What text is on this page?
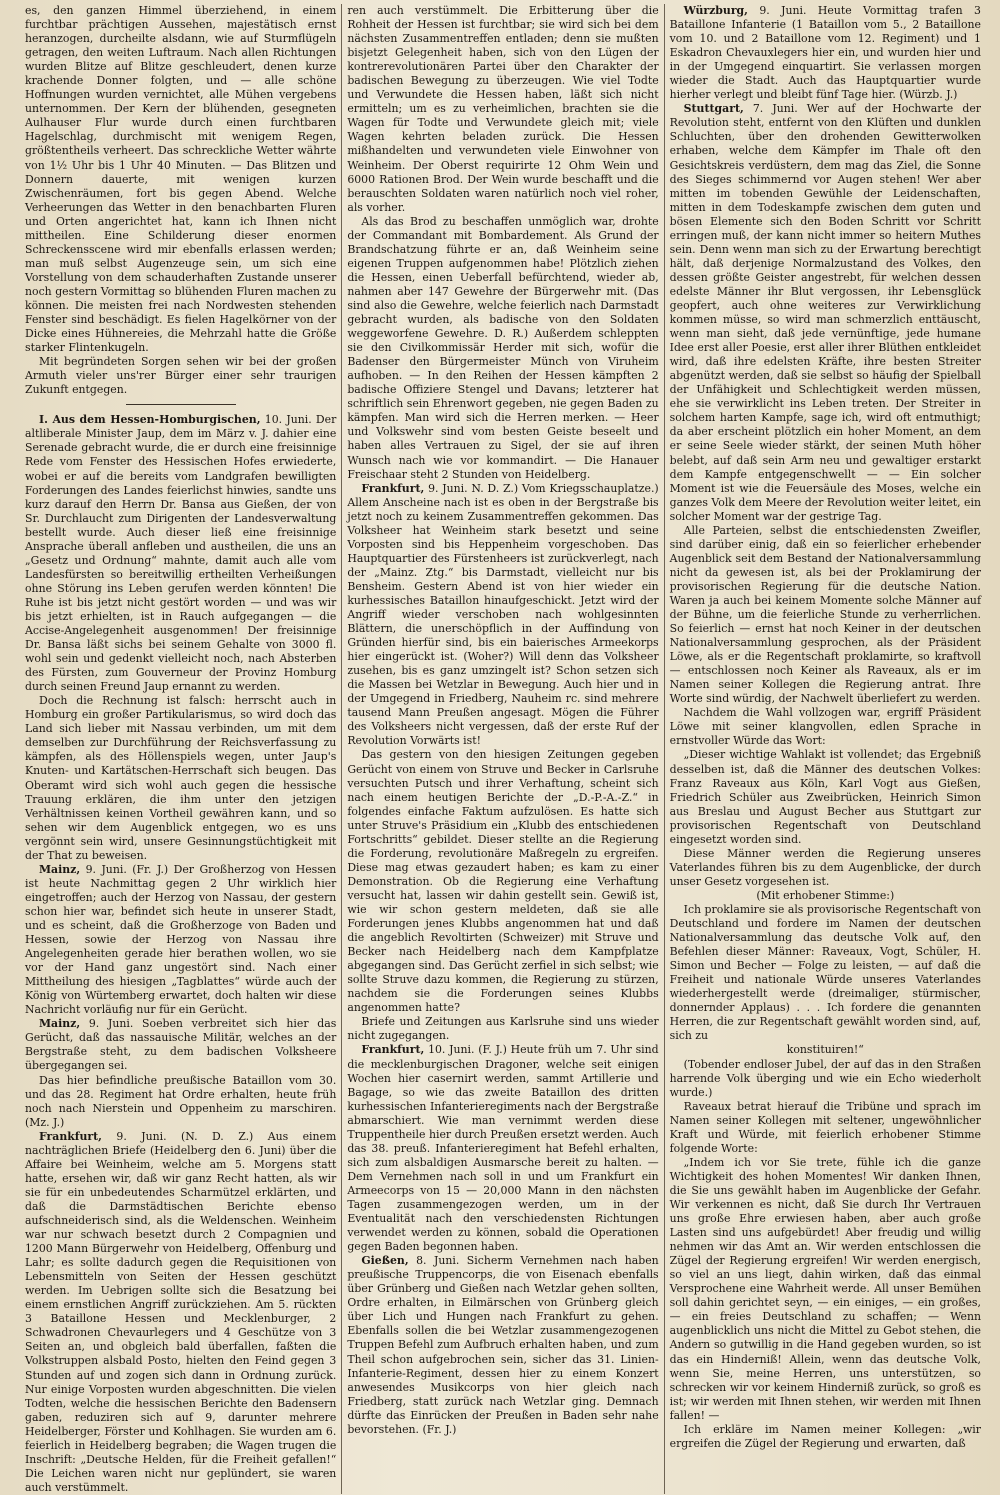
es, den ganzen Himmel überziehend, in einem furchtbar prächtigen Aussehen, majestätisch ernst heranzogen, durcheilte alsdann, wie auf Sturmflügeln getragen, den weiten Luftraum. Nach allen Richtungen wurden Blitze auf Blitze geschleudert, denen kurze krachende Donner folgten, und — alle schöne Hoffnungen wurden vernichtet, alle Mühen vergebens unternommen. Der Kern der blühenden, gesegneten Aulhauser Flur wurde durch einen furchtbaren Hagelschlag, durchmischt mit wenigem Regen, größtentheils verheert. Das schreckliche Wetter währte von 1½ Uhr bis 1 Uhr 40 Minuten. — Das Blitzen und Donnern dauerte, mit wenigen kurzen Zwischenräumen, fort bis gegen Abend. Welche Verheerungen das Wetter in den benachbarten Fluren und Orten angerichtet hat, kann ich Ihnen nicht mittheilen. Eine Schilderung dieser enormen Schreckensscene wird mir ebenfalls erlassen werden; man muß selbst Augenzeuge sein, um sich eine Vorstellung von dem schauderhaften Zustande unserer noch gestern Vormittag so blühenden Fluren machen zu können. Die meisten frei nach Nordwesten stehenden Fenster sind beschädigt. Es fielen Hagelkörner von der Dicke eines Hühnereies, die Mehrzahl hatte die Größe starker Flintenkugeln.

Mit begründeten Sorgen sehen wir bei der großen Armuth vieler uns'rer Bürger einer sehr traurigen Zukunft entgegen.

I. Aus dem Hessen-Homburgischen, 10. Juni. Der altliberale Minister Jaup, dem im März v. J. dahier eine Serenade gebracht wurde, die er durch eine freisinnige Rede vom Fenster des Hessischen Hofes erwiederte, wobei er auf die bereits vom Landgrafen bewilligten Forderungen des Landes feierlichst hinwies, sandte uns kurz darauf den Herrn Dr. Bansa aus Gießen, der von Sr. Durchlaucht zum Dirigenten der Landesverwaltung bestellt wurde. Auch dieser ließ eine freisinnige Ansprache überall anfleben und austheilen, die uns an „Gesetz und Ordnung“ mahnte, damit auch alle vom Landesfürsten so bereitwillig ertheilten Verheißungen ohne Störung ins Leben gerufen werden könnten! Die Ruhe ist bis jetzt nicht gestört worden — und was wir bis jetzt erhielten, ist in Rauch aufgegangen — die Accise-Angelegenheit ausgenommen! Der freisinnige Dr. Bansa läßt sichs bei seinem Gehalte von 3000 fl. wohl sein und gedenkt vielleicht noch, nach Absterben des Fürsten, zum Gouverneur der Provinz Homburg durch seinen Freund Jaup ernannt zu werden.

Doch die Rechnung ist falsch: herrscht auch in Homburg ein großer Partikularismus, so wird doch das Land sich lieber mit Nassau verbinden, um mit dem demselben zur Durchführung der Reichsverfassung zu kämpfen, als des Höllenspiels wegen, unter Jaup's Knuten- und Kartätschen-Herrschaft sich beugen. Das Oberamt wird sich wohl auch gegen die hessische Trauung erklären, die ihm unter den jetzigen Verhältnissen keinen Vortheil gewähren kann, und so sehen wir dem Augenblick entgegen, wo es uns vergönnt sein wird, unsere Gesinnungstüchtigkeit mit der That zu beweisen.

Mainz, 9. Juni. (Fr. J.) Der Großherzog von Hessen ist heute Nachmittag gegen 2 Uhr wirklich hier eingetroffen; auch der Herzog von Nassau, der gestern schon hier war, befindet sich heute in unserer Stadt, und es scheint, daß die Großherzoge von Baden und Hessen, sowie der Herzog von Nassau ihre Angelegenheiten gerade hier berathen wollen, wo sie vor der Hand ganz ungestört sind. Nach einer Mittheilung des hiesigen „Tagblattes“ würde auch der König von Würtemberg erwartet, doch halten wir diese Nachricht vorläufig nur für ein Gerücht.

Mainz, 9. Juni. Soeben verbreitet sich hier das Gerücht, daß das nassauische Militär, welches an der Bergstraße steht, zu dem badischen Volksheere übergegangen sei.

Das hier befindliche preußische Bataillon vom 30. und das 28. Regiment hat Ordre erhalten, heute früh noch nach Nierstein und Oppenheim zu marschiren. (Mz. J.)

Frankfurt, 9. Juni. (N. D. Z.) Aus einem nachträglichen Briefe (Heidelberg den 6. Juni) über die Affaire bei Weinheim, welche am 5. Morgens statt hatte, ersehen wir, daß wir ganz Recht hatten, als wir sie für ein unbedeutendes Scharmützel erklärten, und daß die Darmstädtischen Berichte ebenso aufschneiderisch sind, als die Weldenschen. Weinheim war nur schwach besetzt durch 2 Compagnien und 1200 Mann Bürgerwehr von Heidelberg, Offenburg und Lahr; es sollte dadurch gegen die Requisitionen von Lebensmitteln von Seiten der Hessen geschützt werden. Im Uebrigen sollte sich die Besatzung bei einem ernstlichen Angriff zurückziehen. Am 5. rückten 3 Bataillone Hessen und Mecklenburger, 2 Schwadronen Chevaurlegers und 4 Geschütze von 3 Seiten an, und obgleich bald überfallen, faßten die Volkstruppen alsbald Posto, hielten den Feind gegen 3 Stunden auf und zogen sich dann in Ordnung zurück. Nur einige Vorposten wurden abgeschnitten. Die vielen Todten, welche die hessischen Berichte den Badensern gaben, reduziren sich auf 9, darunter mehrere Heidelberger, Förster und Kohlhagen. Sie wurden am 6. feierlich in Heidelberg begraben; die Wagen trugen die Inschrift: „Deutsche Helden, für die Freiheit gefallen!“ Die Leichen waren nicht nur geplündert, sie waren auch verstümmelt.

ren auch verstümmelt. Die Erbitterung über die Rohheit der Hessen ist furchtbar; sie wird sich bei dem nächsten Zusammentreffen entladen; denn sie mußten bisjetzt Gelegenheit haben, sich von den Lügen der kontrerevolutionären Partei über den Charakter der badischen Bewegung zu überzeugen. Wie viel Todte und Verwundete die Hessen haben, läßt sich nicht ermitteln; um es zu verheimlichen, brachten sie die Wagen für Todte und Verwundete gleich mit; viele Wagen kehrten beladen zurück. Die Hessen mißhandelten und verwundeten viele Einwohner von Weinheim. Der Oberst requirirte 12 Ohm Wein und 6000 Rationen Brod. Der Wein wurde beschafft und die berauschten Soldaten waren natürlich noch viel roher, als vorher.

Als das Brod zu beschaffen unmöglich war, drohte der Commandant mit Bombardement. Als Grund der Brandschatzung führte er an, daß Weinheim seine eigenen Truppen aufgenommen habe! Plötzlich ziehen die Hessen, einen Ueberfall befürchtend, wieder ab, nahmen aber 147 Gewehre der Bürgerwehr mit. (Das sind also die Gewehre, welche feierlich nach Darmstadt gebracht wurden, als badische von den Soldaten weggeworfene Gewehre. D. R.) Außerdem schleppten sie den Civilkommissär Herder mit sich, wofür die Badenser den Bürgermeister Münch von Viruheim aufhoben. — In den Reihen der Hessen kämpften 2 badische Offiziere Stengel und Davans; letzterer hat schriftlich sein Ehrenwort gegeben, nie gegen Baden zu kämpfen. Man wird sich die Herren merken. — Heer und Volkswehr sind vom besten Geiste beseelt und haben alles Vertrauen zu Sigel, der sie auf ihren Wunsch nach wie vor kommandirt. — Die Hanauer Freischaar steht 2 Stunden von Heidelberg.

Frankfurt, 9. Juni. N. D. Z.) Vom Kriegsschauplatze.) Allem Anscheine nach ist es oben in der Bergstraße bis jetzt noch zu keinem Zusammentreffen gekommen. Das Volksheer hat Weinheim stark besetzt und seine Vorposten sind bis Heppenheim vorgeschoben. Das Hauptquartier des Fürstenheers ist zurückverlegt, nach der „Mainz. Ztg.“ bis Darmstadt, vielleicht nur bis Bensheim. Gestern Abend ist von hier wieder ein kurhessisches Bataillon hinaufgeschickt. Jetzt wird der Angriff wieder verschoben nach wohlgesinnten Blättern, die unerschöpflich in der Auffindung von Gründen hierfür sind, bis ein baierisches Armeekorps hier eingerückt ist. (Woher?) Will denn das Volksheer zusehen, bis es ganz umzingelt ist? Schon setzen sich die Massen bei Wetzlar in Bewegung. Auch hier und in der Umgegend in Friedberg, Nauheim rc. sind mehrere tausend Mann Preußen angesagt. Mögen die Führer des Volksheers nicht vergessen, daß der erste Ruf der Revolution Vorwärts ist!

Das gestern von den hiesigen Zeitungen gegeben Gerücht von einem von Struve und Becker in Carlsruhe versuchten Putsch und ihrer Verhaftung, scheint sich nach einem heutigen Berichte der „D.-P.-A.-Z.“ in folgendes einfache Faktum aufzulösen. Es hatte sich unter Struve's Präsidium ein „Klubb des entschiedenen Fortschritts“ gebildet. Dieser stellte an die Regierung die Forderung, revolutionäre Maßregeln zu ergreifen. Diese mag etwas gezaudert haben; es kam zu einer Demonstration. Ob die Regierung eine Verhaftung versucht hat, lassen wir dahin gestellt sein. Gewiß ist, wie wir schon gestern meldeten, daß sie alle Forderungen jenes Klubbs angenommen hat und daß die angeblich Revoltirten (Schweizer) mit Struve und Becker nach Heidelberg nach dem Kampfplatze abgegangen sind. Das Gerücht zerfiel in sich selbst; wie sollte Struve dazu kommen, die Regierung zu stürzen, nachdem sie die Forderungen seines Klubbs angenommen hatte?

Briefe und Zeitungen aus Karlsruhe sind uns wieder nicht zugegangen.

Frankfurt, 10. Juni. (F. J.) Heute früh um 7. Uhr sind die mecklenburgischen Dragoner, welche seit einigen Wochen hier casernirt werden, sammt Artillerie und Bagage, so wie das zweite Bataillon des dritten kurhessischen Infanterieregiments nach der Bergstraße abmarschiert. Wie man vernimmt werden diese Truppentheile hier durch Preußen ersetzt werden. Auch das 38. preuß. Infanterieregiment hat Befehl erhalten, sich zum alsbaldigen Ausmarsche bereit zu halten. — Dem Vernehmen nach soll in und um Frankfurt ein Armeecorps von 15 — 20,000 Mann in den nächsten Tagen zusammengezogen werden, um in der Eventualität nach den verschiedensten Richtungen verwendet werden zu können, sobald die Operationen gegen Baden begonnen haben.

Gießen, 8. Juni. Sicherm Vernehmen nach haben preußische Truppencorps, die von Eisenach ebenfalls über Grünberg und Gießen nach Wetzlar gehen sollten, Ordre erhalten, in Eilmärschen von Grünberg gleich über Lich und Hungen nach Frankfurt zu gehen. Ebenfalls sollen die bei Wetzlar zusammengezogenen Truppen Befehl zum Aufbruch erhalten haben, und zum Theil schon aufgebrochen sein, sicher das 31. Linien-Infanterie-Regiment, dessen hier zu einem Konzert anwesendes Musikcorps von hier gleich nach Friedberg, statt zurück nach Wetzlar ging. Demnach dürfte das Einrücken der Preußen in Baden sehr nahe bevorstehen. (Fr. J.)

Würzburg, 9. Juni. Heute Vormittag trafen 3 Bataillone Infanterie (1 Bataillon vom 5., 2 Bataillone vom 10. und 2 Bataillone vom 12. Regiment) und 1 Eskadron Chevauxlegers hier ein, und wurden hier und in der Umgegend einquartirt. Sie verlassen morgen wieder die Stadt. Auch das Hauptquartier wurde hierher verlegt und bleibt fünf Tage hier. (Würzb. J.)

Stuttgart, 7. Juni. Wer auf der Hochwarte der Revolution steht, entfernt von den Klüften und dunklen Schluchten, über den drohenden Gewitterwolken erhaben, welche dem Kämpfer im Thale oft den Gesichtskreis verdüstern, dem mag das Ziel, die Sonne des Sieges schimmernd vor Augen stehen! Wer aber mitten im tobenden Gewühle der Leidenschaften, mitten in dem Todeskampfe zwischen dem guten und bösen Elemente sich den Boden Schritt vor Schritt erringen muß, der kann nicht immer so heitern Muthes sein. Denn wenn man sich zu der Erwartung berechtigt hält, daß derjenige Normalzustand des Volkes, den dessen größte Geister angestrebt, für welchen dessen edelste Männer ihr Blut vergossen, ihr Lebensglück geopfert, auch ohne weiteres zur Verwirklichung kommen müsse, so wird man schmerzlich enttäuscht, wenn man sieht, daß jede vernünftige, jede humane Idee erst aller Poesie, erst aller ihrer Blüthen entkleidet wird, daß ihre edelsten Kräfte, ihre besten Streiter abgenützt werden, daß sie selbst so häufig der Spielball der Unfähigkeit und Schlechtigkeit werden müssen, ehe sie verwirklicht ins Leben treten. Der Streiter in solchem harten Kampfe, sage ich, wird oft entmuthigt; da aber erscheint plötzlich ein hoher Moment, an dem er seine Seele wieder stärkt, der seinen Muth höher belebt, auf daß sein Arm neu und gewaltiger erstarkt dem Kampfe entgegenschwellt — — Ein solcher Moment ist wie die Feuersäule des Moses, welche ein ganzes Volk dem Meere der Revolution weiter leitet, ein solcher Moment war der gestrige Tag.

Alle Parteien, selbst die entschiedensten Zweifler, sind darüber einig, daß ein so feierlicher erhebender Augenblick seit dem Bestand der Nationalversammlung nicht da gewesen ist, als bei der Proklamirung der provisorischen Regierung für die deutsche Nation. Waren ja auch bei keinem Momente solche Männer auf der Bühne, um die feierliche Stunde zu verherrlichen. So feierlich — ernst hat noch Keiner in der deutschen Nationalversammlung gesprochen, als der Präsident Löwe, als er die Regentschaft proklamirte, so kraftvoll — entschlossen noch Keiner als Raveaux, als er im Namen seiner Kollegen die Regierung antrat. Ihre Worte sind würdig, der Nachwelt überliefert zu werden.

Nachdem die Wahl vollzogen war, ergriff Präsident Löwe mit seiner klangvollen, edlen Sprache in ernstvoller Würde das Wort:

„Dieser wichtige Wahlakt ist vollendet; das Ergebniß desselben ist, daß die Männer des deutschen Volkes: Franz Raveaux aus Köln, Karl Vogt aus Gießen, Friedrich Schüler aus Zweibrücken, Heinrich Simon aus Breslau und August Becher aus Stuttgart zur provisorischen Regentschaft von Deutschland eingesetzt worden sind.

Diese Männer werden die Regierung unseres Vaterlandes führen bis zu dem Augenblicke, der durch unser Gesetz vorgesehen ist.

(Mit erhobener Stimme:)

Ich proklamire sie als provisorische Regentschaft von Deutschland und fordere im Namen der deutschen Nationalversammlung das deutsche Volk auf, den Befehlen dieser Männer: Raveaux, Vogt, Schüler, H. Simon und Becher — Folge zu leisten, — auf daß die Freiheit und nationale Würde unseres Vaterlandes wiederhergestellt werde (dreimaliger, stürmischer, donnernder Applaus) . . . Ich fordere die genannten Herren, die zur Regentschaft gewählt worden sind, auf, sich zu

konstituiren!“

(Tobender endloser Jubel, der auf das in den Straßen harrende Volk überging und wie ein Echo wiederholt wurde.)

Raveaux betrat hierauf die Tribüne und sprach im Namen seiner Kollegen mit seltener, ungewöhnlicher Kraft und Würde, mit feierlich erhobener Stimme folgende Worte:

„Indem ich vor Sie trete, fühle ich die ganze Wichtigkeit des hohen Momentes! Wir danken Ihnen, die Sie uns gewählt haben im Augenblicke der Gefahr. Wir verkennen es nicht, daß Sie durch Ihr Vertrauen uns große Ehre erwiesen haben, aber auch große Lasten sind uns aufgebürdet! Aber freudig und willig nehmen wir das Amt an. Wir werden entschlossen die Zügel der Regierung ergreifen! Wir werden energisch, so viel an uns liegt, dahin wirken, daß das einmal Versprochene eine Wahrheit werde. All unser Bemühen soll dahin gerichtet seyn, — ein einiges, — ein großes, — ein freies Deutschland zu schaffen; — Wenn augenblicklich uns nicht die Mittel zu Gebot stehen, die Andern so gutwillig in die Hand gegeben wurden, so ist das ein Hinderniß! Allein, wenn das deutsche Volk, wenn Sie, meine Herren, uns unterstützen, so schrecken wir vor keinem Hinderniß zurück, so groß es ist; wir werden mit Ihnen stehen, wir werden mit Ihnen fallen! —

Ich erkläre im Namen meiner Kollegen: „wir ergreifen die Zügel der Regierung und erwarten, daß
